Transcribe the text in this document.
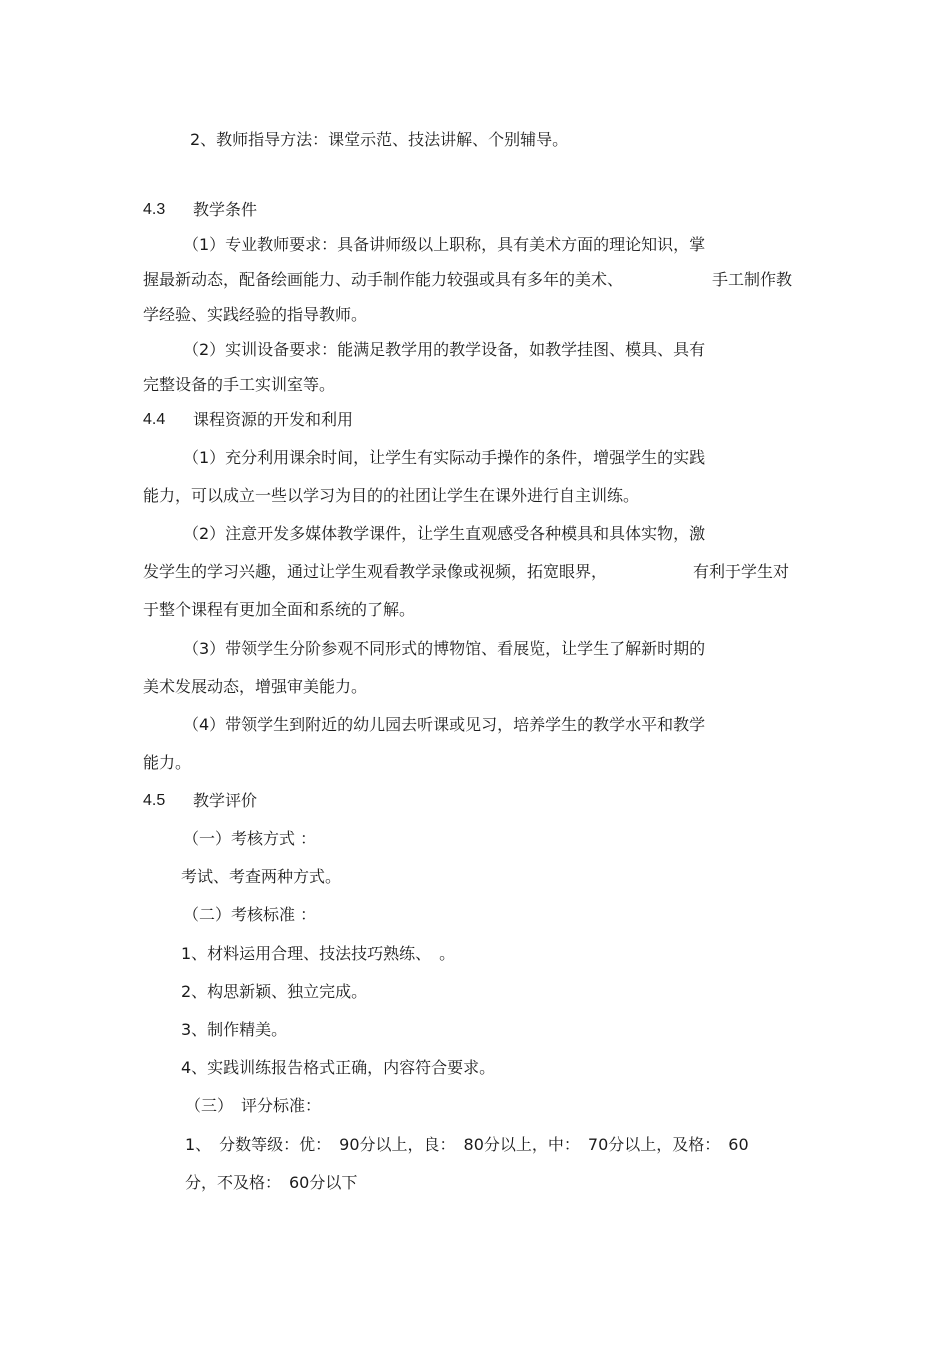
2、教师指导方法：课堂示范、技法讲解、个别辅导。
4.3 教学条件
（1）专业教师要求：具备讲师级以上职称，具有美术方面的理论知识，掌
握最新动态，配备绘画能力、动手制作能力较强或具有多年的美术、	手工制作教
学经验、实践经验的指导教师。
（2）实训设备要求：能满足教学用的教学设备，如教学挂图、模具、具有
完整设备的手工实训室等。
4.4 课程资源的开发和利用
（1）充分利用课余时间，让学生有实际动手操作的条件，增强学生的实践
能力，可以成立一些以学习为目的的社团让学生在课外进行自主训练。
（2）注意开发多媒体教学课件，让学生直观感受各种模具和具体实物，激
发学生的学习兴趣，通过让学生观看教学录像或视频，拓宽眼界，	有利于学生对
于整个课程有更加全面和系统的了解。
（3）带领学生分阶参观不同形式的博物馆、看展览，让学生了解新时期的
美术发展动态，增强审美能力。
（4）带领学生到附近的幼儿园去听课或见习，培养学生的教学水平和教学
能力。
4.5 教学评价
（一）考核方式 ：
考试、考查两种方式。
（二）考核标准 ：
1、材料运用合理、技法技巧熟练、　。
2、构思新颖、独立完成。
3、制作精美。
4、实践训练报告格式正确，内容符合要求。
（三）　评分标准：
1、　分数等级：优：　90分以上，良：　80分以上，中：　70分以上，及格：　60
分，不及格：　60分以下
